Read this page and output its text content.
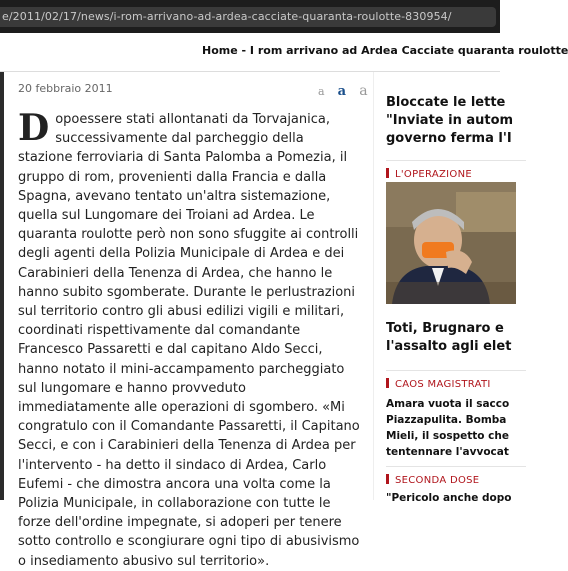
e/2011/02/17/news/i-rom-arrivano-ad-ardea-cacciate-quaranta-roulotte-830954/
Home - I rom arrivano ad Ardea Cacciate quaranta roulotte
20 febbraio 2011	a a a
D opoessere stati allontanati da Torvajanica, successivamente dal parcheggio della stazione ferroviaria di Santa Palomba a Pomezia, il gruppo di rom, provenienti dalla Francia e dalla Spagna, avevano tentato un'altra sistemazione, quella sul Lungomare dei Troiani ad Ardea. Le quaranta roulotte però non sono sfuggite ai controlli degli agenti della Polizia Municipale di Ardea e dei Carabinieri della Tenenza di Ardea, che hanno le hanno subito sgomberate. Durante le perlustrazioni sul territorio contro gli abusi edilizi vigili e militari, coordinati rispettivamente dal comandante Francesco Passaretti e dal capitano Aldo Secci, hanno notato il mini-accampamento parcheggiato sul lungomare e hanno provveduto immediatamente alle operazioni di sgombero. «Mi congratulo con il Comandante Passaretti, il Capitano Secci, e con i Carabinieri della Tenenza di Ardea per l'intervento - ha detto il sindaco di Ardea, Carlo Eufemi - che dimostra ancora una volta come la Polizia Municipale, in collaborazione con tutte le forze dell'ordine impegnate, si adoperi per tenere sotto controllo e scongiurare ogni tipo di abusivismo o insediamento abusivo sul territorio».
Bloccate le lette
"Inviate in autom
governo ferma l'I
L'OPERAZIONE
Toti, Brugnaro e
l'assalto agli elet
CAOS MAGISTRATI
Amara vuota il sacco
Piazzapulita. Bomba
Mieli, il sospetto che
tentennare l'avvocat
SECONDA DOSE
"Pericolo anche dopo
